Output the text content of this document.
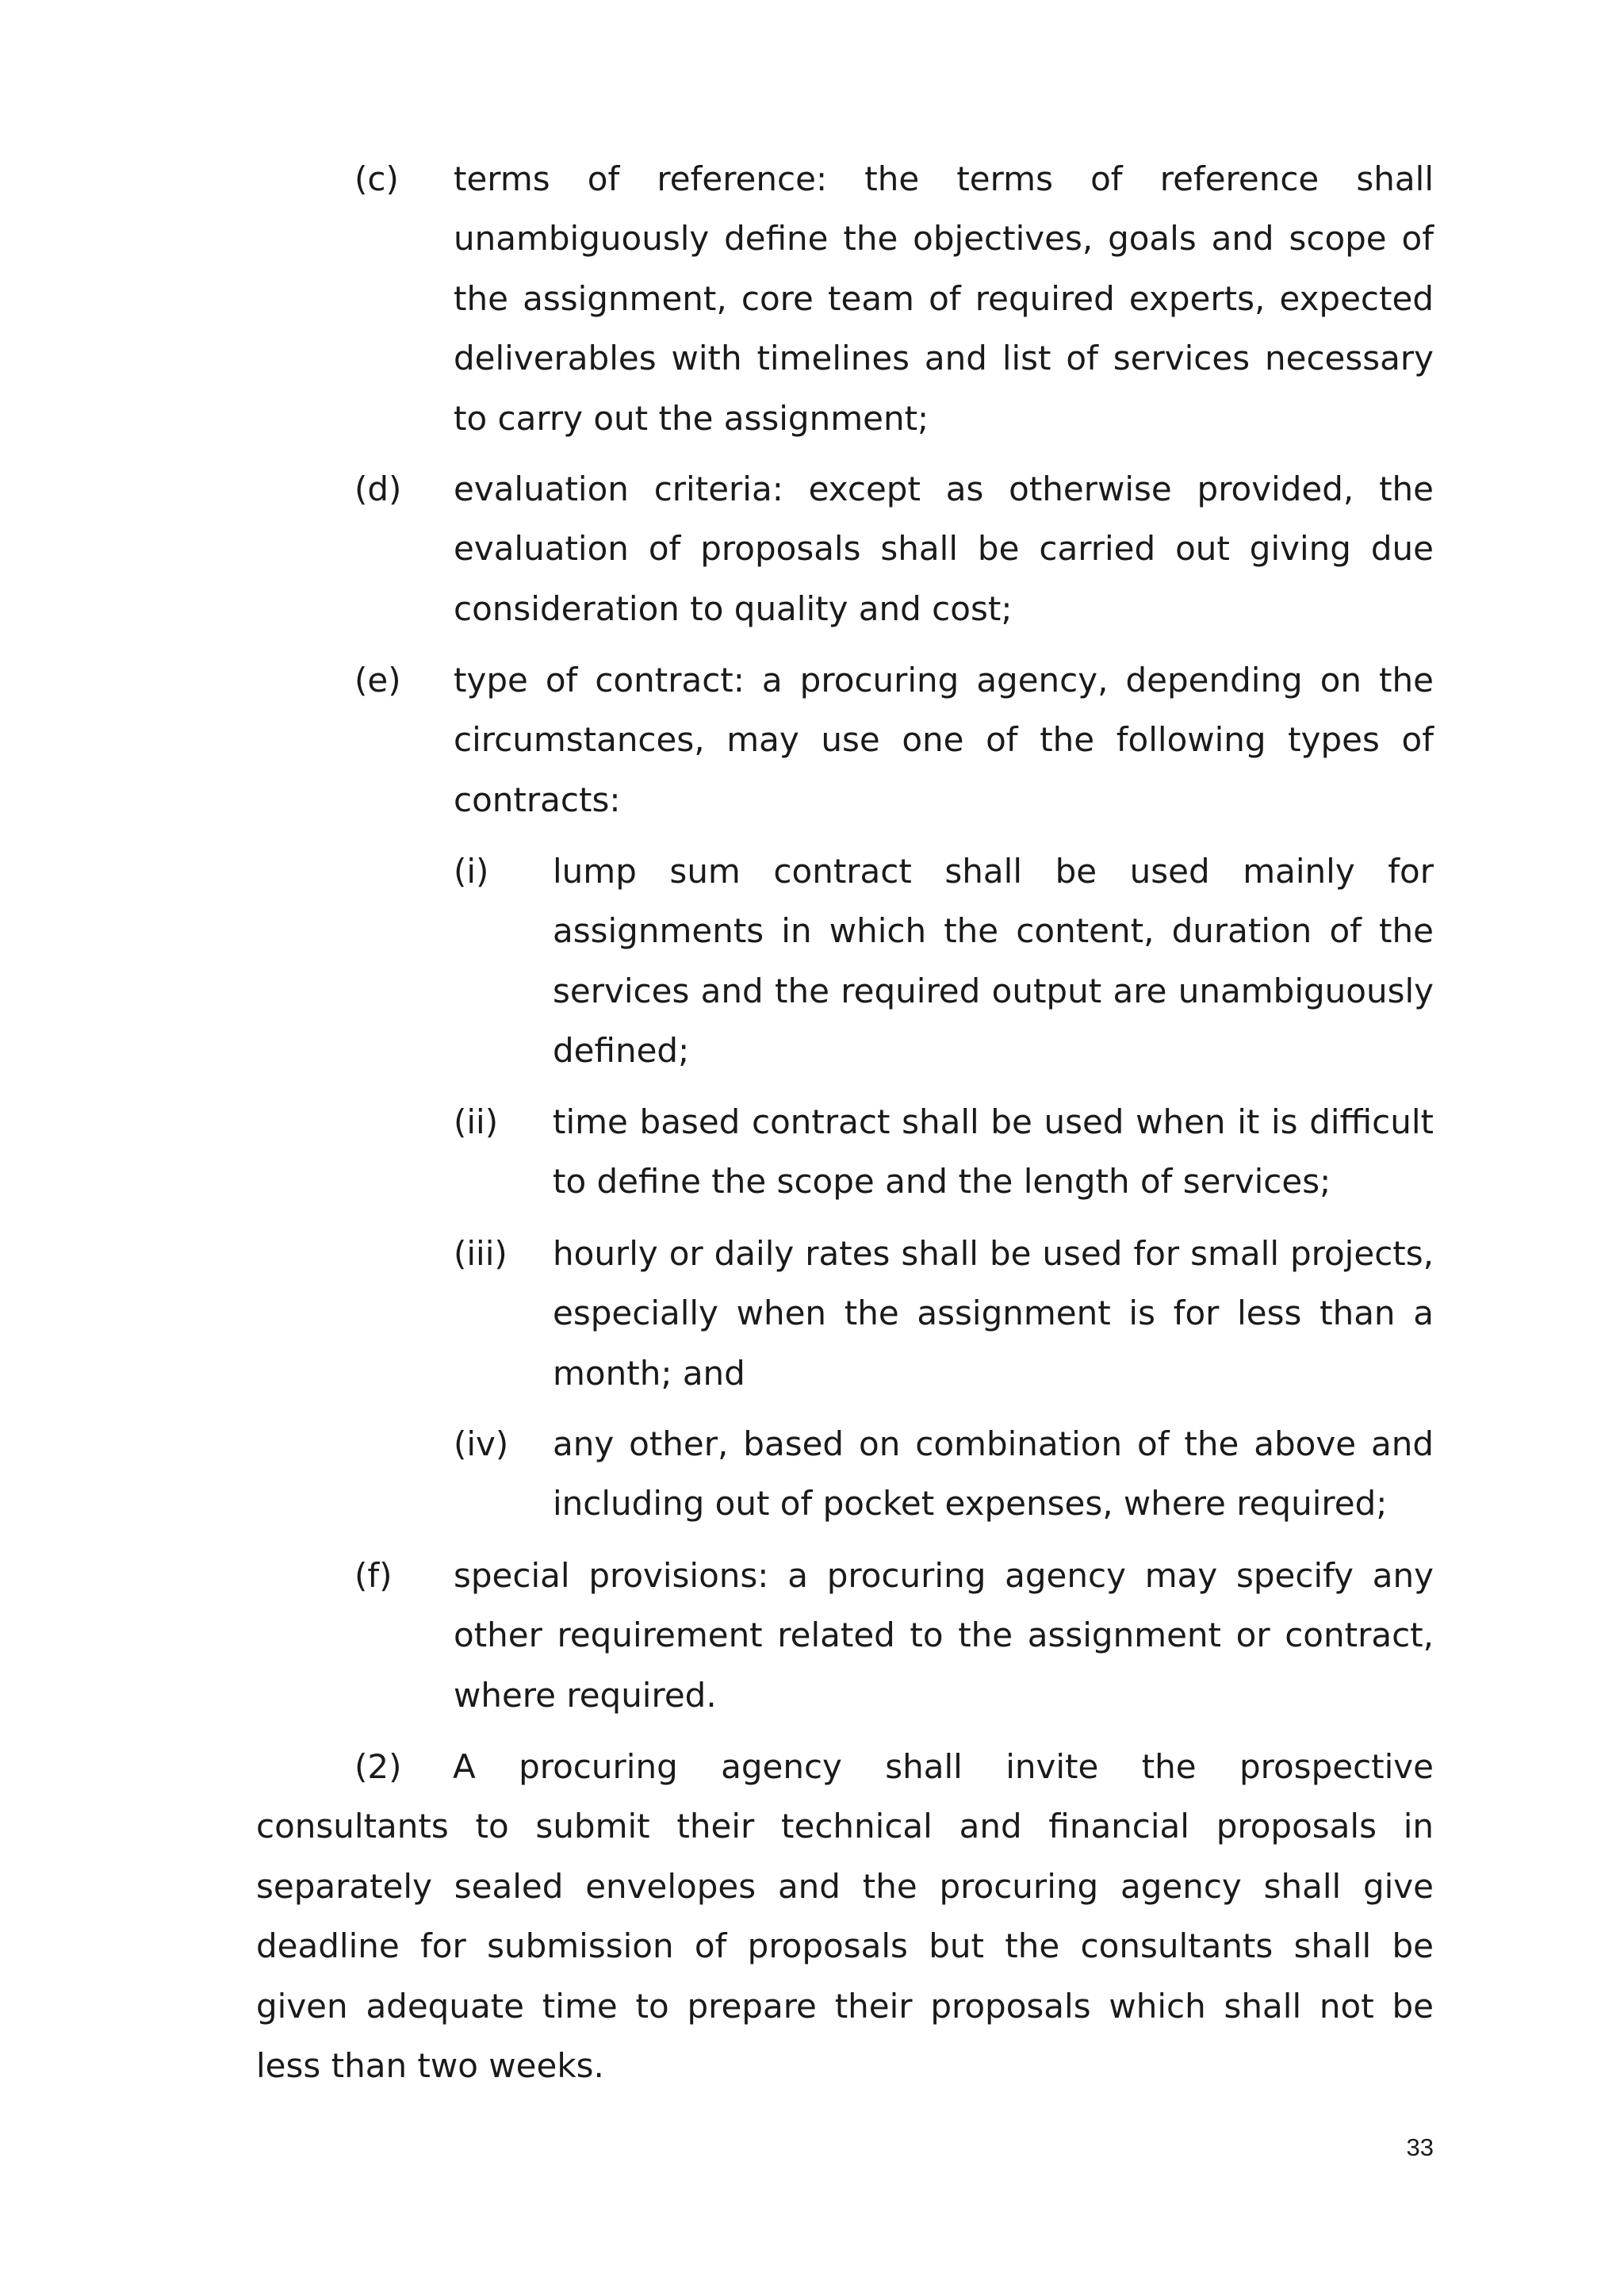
(c) terms of reference: the terms of reference shall unambiguously define the objectives, goals and scope of the assignment, core team of required experts, expected deliverables with timelines and list of services necessary to carry out the assignment;
(d) evaluation criteria: except as otherwise provided, the evaluation of proposals shall be carried out giving due consideration to quality and cost;
(e) type of contract: a procuring agency, depending on the circumstances, may use one of the following types of contracts:
(i) lump sum contract shall be used mainly for assignments in which the content, duration of the services and the required output are unambiguously defined;
(ii) time based contract shall be used when it is difficult to define the scope and the length of services;
(iii) hourly or daily rates shall be used for small projects, especially when the assignment is for less than a month; and
(iv) any other, based on combination of the above and including out of pocket expenses, where required;
(f) special provisions: a procuring agency may specify any other requirement related to the assignment or contract, where required.

(2) A procuring agency shall invite the prospective consultants to submit their technical and financial proposals in separately sealed envelopes and the procuring agency shall give deadline for submission of proposals but the consultants shall be given adequate time to prepare their proposals which shall not be less than two weeks.

33
